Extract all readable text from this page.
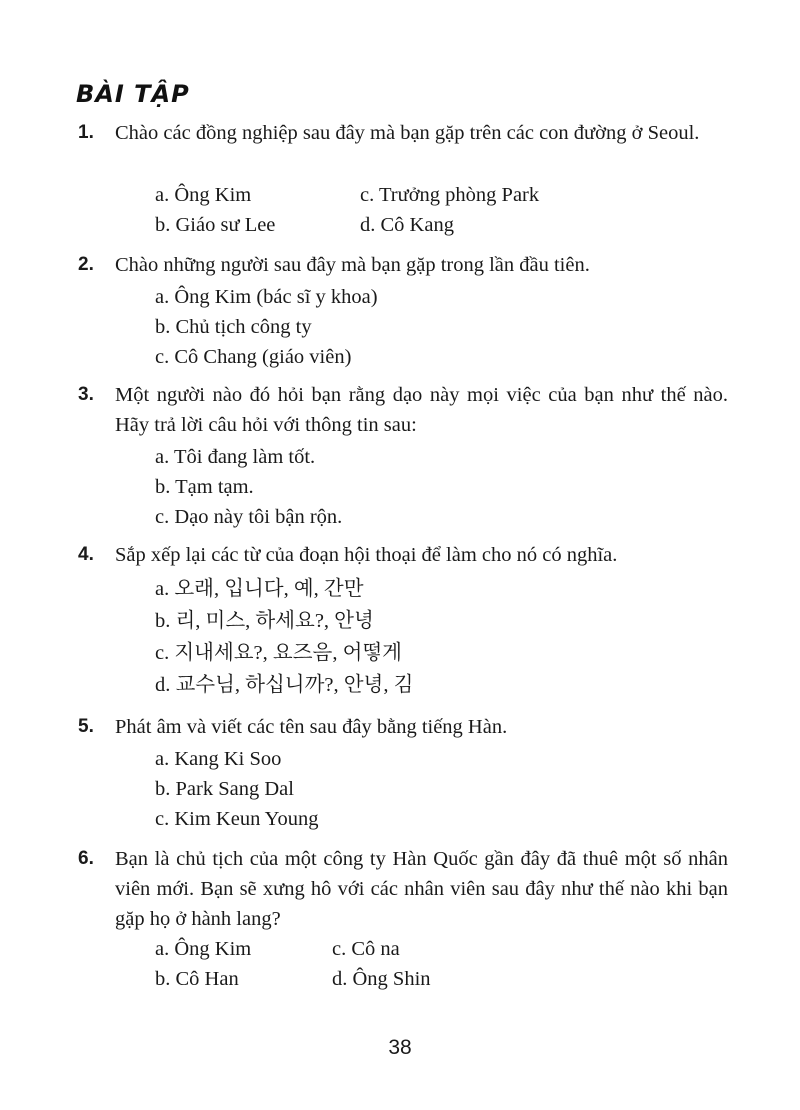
BÀI TẬP
1.	Chào các đồng nghiệp sau đây mà bạn gặp trên các con đường ở Seoul.
a. Ông Kim
b. Giáo sư Lee
c. Trưởng phòng Park
d. Cô Kang
2.	Chào những người sau đây mà bạn gặp trong lần đầu tiên.
a. Ông Kim (bác sĩ y khoa)
b. Chủ tịch công ty
c. Cô Chang (giáo viên)
3.	Một người nào đó hỏi bạn rằng dạo này mọi việc của bạn như thế nào. Hãy trả lời câu hỏi với thông tin sau:
a. Tôi đang làm tốt.
b. Tạm tạm.
c. Dạo này tôi bận rộn.
4.	Sắp xếp lại các từ của đoạn hội thoại để làm cho nó có nghĩa.
a. 오래, 입니다, 예, 간만
b. 리, 미스, 하세요?, 안녕
c. 지내세요?, 요즈음, 어떻게
d. 교수님, 하십니까?, 안녕, 김
5.	Phát âm và viết các tên sau đây bằng tiếng Hàn.
a. Kang Ki Soo
b. Park Sang Dal
c. Kim Keun Young
6.	Bạn là chủ tịch của một công ty Hàn Quốc gần đây đã thuê một số nhân viên mới. Bạn sẽ xưng hô với các nhân viên sau đây như thế nào khi bạn gặp họ ở hành lang?
a. Ông Kim
b. Cô Han
c. Cô na
d. Ông Shin
38
